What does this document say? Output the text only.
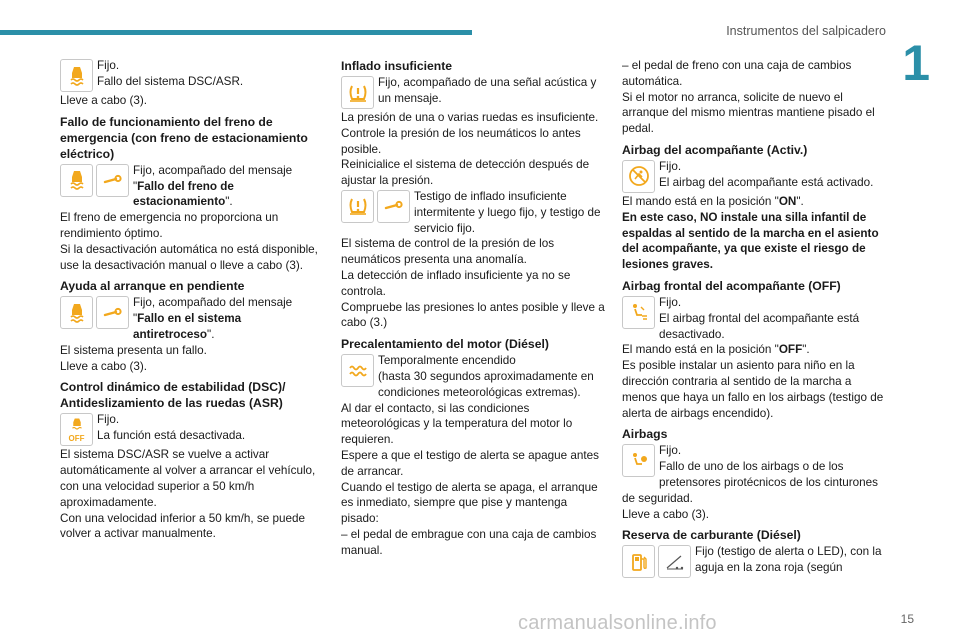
Instrumentos del salpicadero
1

Fijo.

Fallo del sistema DSC/ASR.

Lleve a cabo (3).

Fallo de funcionamiento del freno de emergencia (con freno de estacionamiento eléctrico)

Fijo, acompañado del mensaje "Fallo del freno de estacionamiento".

El freno de emergencia no proporciona un rendimiento óptimo.

Si la desactivación automática no está disponible, use la desactivación manual o lleve a cabo (3).

Ayuda al arranque en pendiente

Fijo, acompañado del mensaje "Fallo en el sistema antiretroceso".

El sistema presenta un fallo.

Lleve a cabo (3).

Control dinámico de estabilidad (DSC)/ Antideslizamiento de las ruedas (ASR)
OFF

Fijo.

La función está desactivada.

El sistema DSC/ASR se vuelve a activar automáticamente al volver a arrancar el vehículo, con una velocidad superior a 50 km/h aproximadamente.

Con una velocidad inferior a 50 km/h, se puede volver a activar manualmente.

Inflado insuficiente

Fijo, acompañado de una señal acústica y un mensaje.

La presión de una o varias ruedas es insuficiente.

Controle la presión de los neumáticos lo antes posible.

Reinicialice el sistema de detección después de ajustar la presión.

Testigo de inflado insuficiente intermitente y luego fijo, y testigo de servicio fijo.

El sistema de control de la presión de los neumáticos presenta una anomalía.

La detección de inflado insuficiente ya no se controla.

Compruebe las presiones lo antes posible y lleve a cabo (3.)

Precalentamiento del motor (Diésel)

Temporalmente encendido

(hasta 30 segundos aproximadamente en condiciones meteorológicas extremas).

Al dar el contacto, si las condiciones meteorológicas y la temperatura del motor lo requieren.

Espere a que el testigo de alerta se apague antes de arrancar.

Cuando el testigo de alerta se apaga, el arranque es inmediato, siempre que pise y mantenga pisado:

– el pedal de embrague con una caja de cambios manual.

– el pedal de freno con una caja de cambios automática.

Si el motor no arranca, solicite de nuevo el arranque del mismo mientras mantiene pisado el pedal.

Airbag del acompañante (Activ.)

Fijo.

El airbag del acompañante está activado.

El mando está en la posición "ON".

En este caso, NO instale una silla infantil de espaldas al sentido de la marcha en el asiento del acompañante, ya que existe el riesgo de lesiones graves.

Airbag frontal del acompañante (OFF)

Fijo.

El airbag frontal del acompañante está desactivado.

El mando está en la posición "OFF".

Es posible instalar un asiento para niño en la dirección contraria al sentido de la marcha a menos que haya un fallo en los airbags (testigo de alerta de airbags encendido).

Airbags

Fijo.

Fallo de uno de los airbags o de los pretensores pirotécnicos de los cinturones de seguridad.

Lleve a cabo (3).

Reserva de carburante (Diésel)

Fijo (testigo de alerta o LED), con la aguja en la zona roja (según

carmanualsonline.info	15
